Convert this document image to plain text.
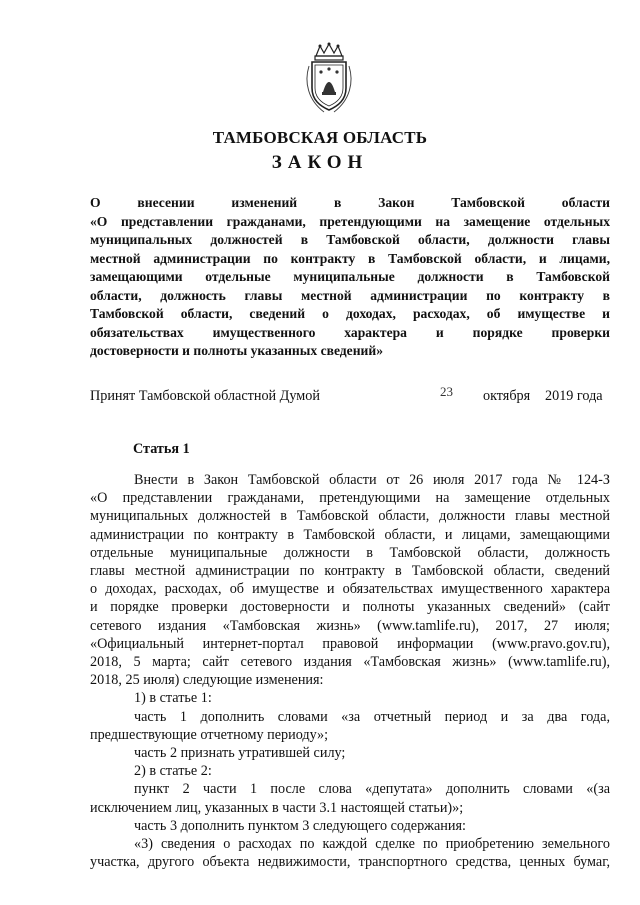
ТАМБОВСКАЯ ОБЛАСТЬ
ЗАКОН
О внесении изменений в Закон Тамбовской области
«О представлении гражданами, претендующими на замещение отдельных
муниципальных должностей в Тамбовской области, должности главы
местной администрации по контракту в Тамбовской области, и лицами,
замещающими отдельные муниципальные должности в Тамбовской
области, должность главы местной администрации по контракту в
Тамбовской области, сведений о доходах, расходах, об имуществе и
обязательствах имущественного характера и порядке проверки
достоверности и полноты указанных сведений»
Принят Тамбовской областной Думой	23 октября 2019 года
Статья 1
Внести в Закон Тамбовской области от 26 июля 2017 года № 124-З
«О представлении гражданами, претендующими на замещение отдельных
муниципальных должностей в Тамбовской области, должности главы местной
администрации по контракту в Тамбовской области, и лицами, замещающими
отдельные муниципальные должности в Тамбовской области, должность
главы местной администрации по контракту в Тамбовской области, сведений
о доходах, расходах, об имуществе и обязательствах имущественного характера
и порядке проверки достоверности и полноты указанных сведений» (сайт
сетевого издания «Тамбовская жизнь» (www.tamlife.ru), 2017, 27 июля;
«Официальный интернет-портал правовой информации (www.pravo.gov.ru),
2018, 5 марта; сайт сетевого издания «Тамбовская жизнь» (www.tamlife.ru),
2018, 25 июля) следующие изменения:
1) в статье 1:
часть 1 дополнить словами «за отчетный период и за два года,
предшествующие отчетному периоду»;
часть 2 признать утратившей силу;
2) в статье 2:
пункт 2 части 1 после слова «депутата» дополнить словами «(за
исключением лиц, указанных в части 3.1 настоящей статьи)»;
часть 3 дополнить пунктом 3 следующего содержания:
«3) сведения о расходах по каждой сделке по приобретению земельного
участка, другого объекта недвижимости, транспортного средства, ценных бумаг,
